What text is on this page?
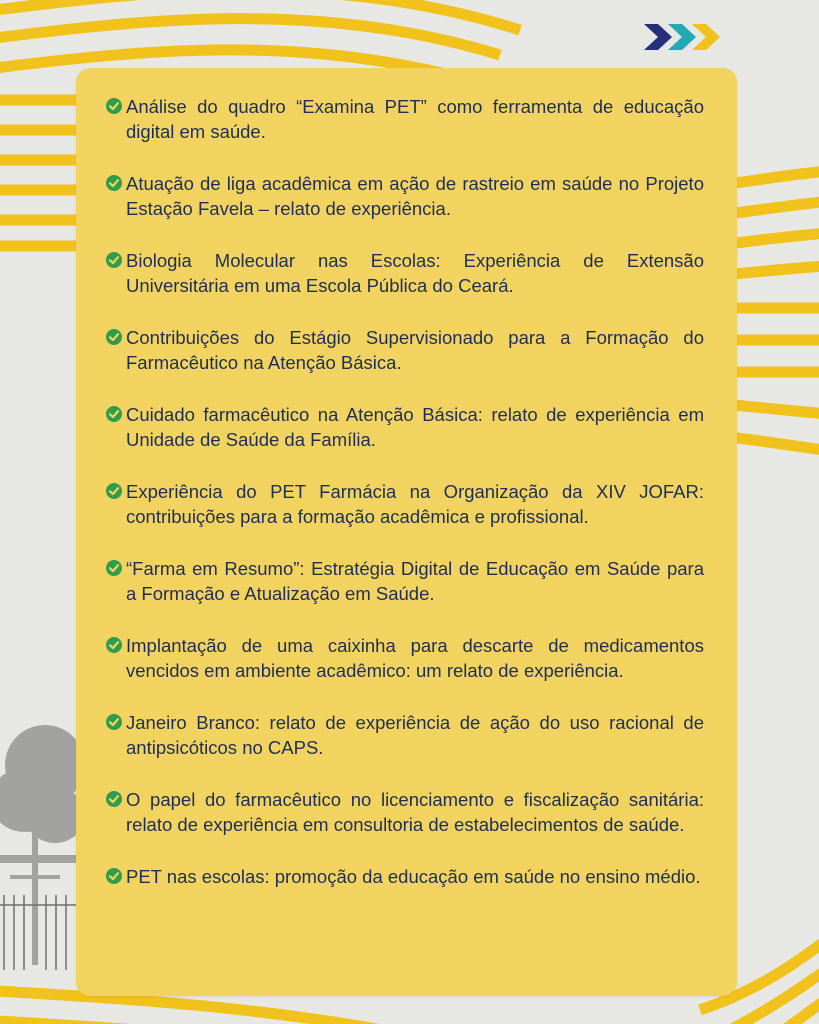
Análise do quadro “Examina PET” como ferramenta de educação digital em saúde.
Atuação de liga acadêmica em ação de rastreio em saúde no Projeto Estação Favela – relato de experiência.
Biologia Molecular nas Escolas: Experiência de Extensão Universitária em uma Escola Pública do Ceará.
Contribuições do Estágio Supervisionado para a Formação do Farmacêutico na Atenção Básica.
Cuidado farmacêutico na Atenção Básica: relato de experiência em Unidade de Saúde da Família.
Experiência do PET Farmácia na Organização da XIV JOFAR: contribuições para a formação acadêmica e profissional.
“Farma em Resumo”: Estratégia Digital de Educação em Saúde para a Formação e Atualização em Saúde.
Implantação de uma caixinha para descarte de medicamentos vencidos em ambiente acadêmico: um relato de experiência.
Janeiro Branco: relato de experiência de ação do uso racional de antipsicóticos no CAPS.
O papel do farmacêutico no licenciamento e fiscalização sanitária: relato de experiência em consultoria de estabelecimentos de saúde.
PET nas escolas: promoção da educação em saúde no ensino médio.
